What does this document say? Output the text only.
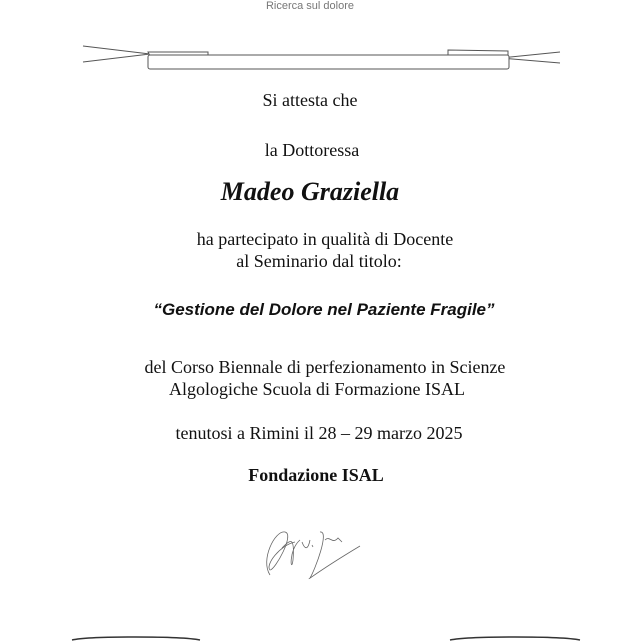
Ricerca sul dolore
Si attesta che
la Dottoressa
Madeo Graziella
ha partecipato in qualità di Docente
al Seminario dal titolo:
“Gestione del Dolore nel Paziente Fragile”
del Corso Biennale di perfezionamento in Scienze
Algologiche Scuola di Formazione ISAL
tenutosi a Rimini il 28 – 29 marzo 2025
Fondazione ISAL
